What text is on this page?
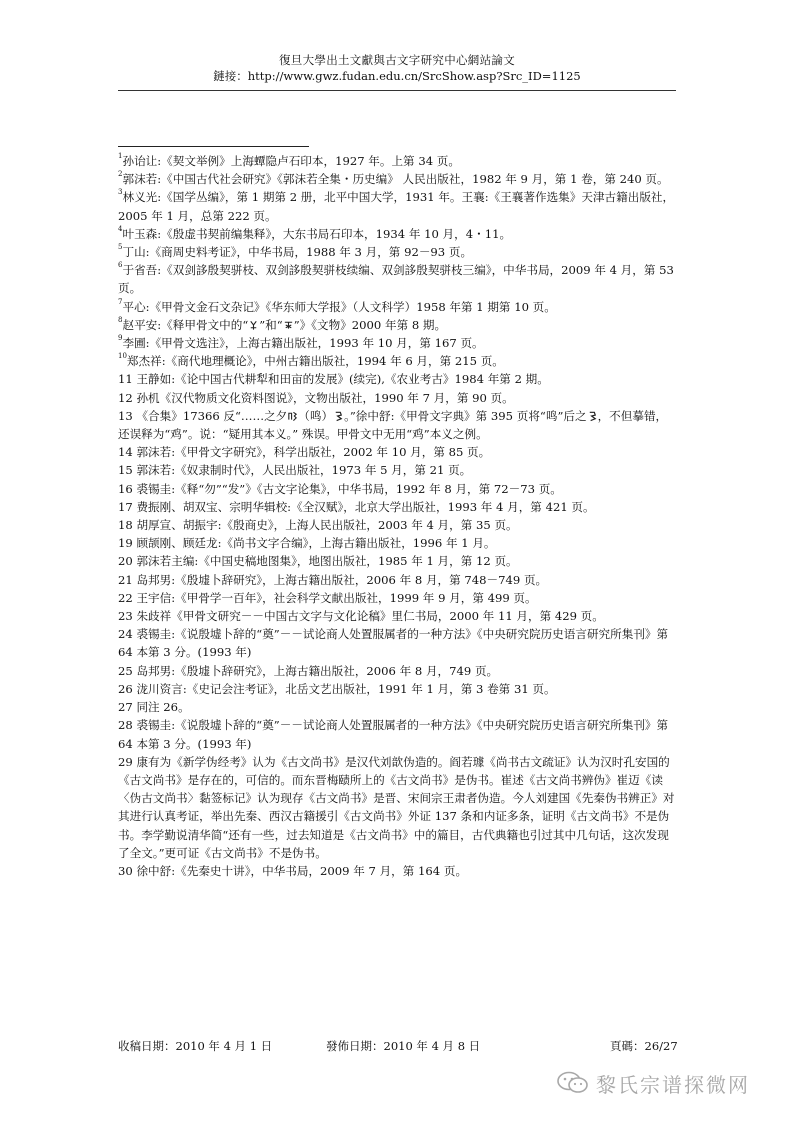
復旦大學出土文獻與古文字研究中心網站論文
鏈接：http://www.gwz.fudan.edu.cn/SrcShow.asp?Src_ID=1125

$^1$孙诒让:《契文举例》上海蟫隐卢石印本，1927 年。上第 34 页。

$^2$郭沫若:《中国古代社会研究》《郭沫若全集・历史编》 人民出版社，1982 年 9 月，第 1 卷，第 240 页。

$^3$林义光:《国学丛编》，第 1 期第 2 册，北平中国大学，1931 年。王襄:《王襄著作选集》天津古籍出版社，2005 年 1 月，总第 222 页。

$^4$叶玉森:《殷虚书契前编集释》，大东书局石印本，1934 年 10 月，4・11。

$^5$丁山:《商周史料考证》，中华书局，1988 年 3 月，第 92－93 页。

$^6$于省吾:《双剑誃殷契骈枝、双剑誃殷契骈枝续编、双剑誃殷契骈枝三编》，中华书局，2009 年 4 月，第 53 页。

$^7$平心:《甲骨文金石文杂记》《华东师大学报》（人文科学）1958 年第 1 期第 10 页。

$^8$赵平安:《释甲骨文中的“ ”和“ ”》《文物》2000 年第 8 期。

$^9$李圃:《甲骨文选注》，上海古籍出版社，1993 年 10 月，第 167 页。

$^{10}$郑杰祥:《商代地理概论》，中州古籍出版社，1994 年 6 月，第 215 页。

11 王静如:《论中国古代耕犁和田亩的发展》(续完),《农业考古》1984 年第 2 期。

12 孙机《汉代物质文化资料图说》，文物出版社，1990 年 7 月，第 90 页。

13 《合集》17366 反“……之夕 （鸣） 。”徐中舒:《甲骨文字典》第 395 页将“鸣”后之 ，不但摹错，还误释为“鸡”。说：“疑用其本义。” 殊误。甲骨文中无用“鸡”本义之例。

14 郭沫若:《甲骨文字研究》，科学出版社，2002 年 10 月，第 85 页。

15 郭沫若:《奴隶制时代》，人民出版社，1973 年 5 月，第 21 页。

16 裘锡圭:《释“勿”“发”》《古文字论集》，中华书局，1992 年 8 月，第 72－73 页。

17 费振刚、胡双宝、宗明华辑校:《全汉赋》，北京大学出版社，1993 年 4 月，第 421 页。

18 胡厚宣、胡振宇:《殷商史》，上海人民出版社，2003 年 4 月，第 35 页。

19 顾颉刚、顾廷龙:《尚书文字合编》，上海古籍出版社，1996 年 1 月。

20 郭沫若主编:《中国史稿地图集》，地图出版社，1985 年 1 月，第 12 页。

21 岛邦男:《殷墟卜辞研究》，上海古籍出版社，2006 年 8 月，第 748－749 页。

22 王宇信:《甲骨学一百年》，社会科学文献出版社，1999 年 9 月，第 499 页。

23 朱歧祥《甲骨文研究－－中国古文字与文化论稿》里仁书局，2000 年 11 月，第 429 页。

24 裘锡圭:《说殷墟卜辞的“奠”－－试论商人处置服属者的一种方法》《中央研究院历史语言研究所集刊》第 64 本第 3 分。(1993 年)

25 岛邦男:《殷墟卜辞研究》，上海古籍出版社，2006 年 8 月，749 页。

26 泷川资言:《史记会注考证》，北岳文艺出版社，1991 年 1 月，第 3 卷第 31 页。

27 同注 26。

28 裘锡圭:《说殷墟卜辞的“奠”－－试论商人处置服属者的一种方法》《中央研究院历史语言研究所集刊》第 64 本第 3 分。(1993 年)

29 康有为《新学伪经考》认为《古文尚书》是汉代刘歆伪造的。阎若璩《尚书古文疏证》认为汉时孔安国的《古文尚书》是存在的，可信的。而东晋梅赜所上的《古文尚书》是伪书。崔述《古文尚书辨伪》崔迈《读〈伪古文尚书〉黏签标记》认为现存《古文尚书》是晋、宋间宗王肃者伪造。今人刘建国《先秦伪书辨正》对其进行认真考证，举出先秦、西汉古籍援引《古文尚书》外证 137 条和内证多条，证明《古文尚书》不是伪书。李学勤说清华简“还有一些，过去知道是《古文尚书》中的篇目，古代典籍也引过其中几句话，这次发现了全文。”更可证《古文尚书》不是伪书。

30 徐中舒:《先秦史十讲》，中华书局，2009 年 7 月，第 164 页。

收稿日期：2010 年 4 月 1 日	發佈日期：2010 年 4 月 8 日	頁碼：26/27
黎氏宗谱探微网
